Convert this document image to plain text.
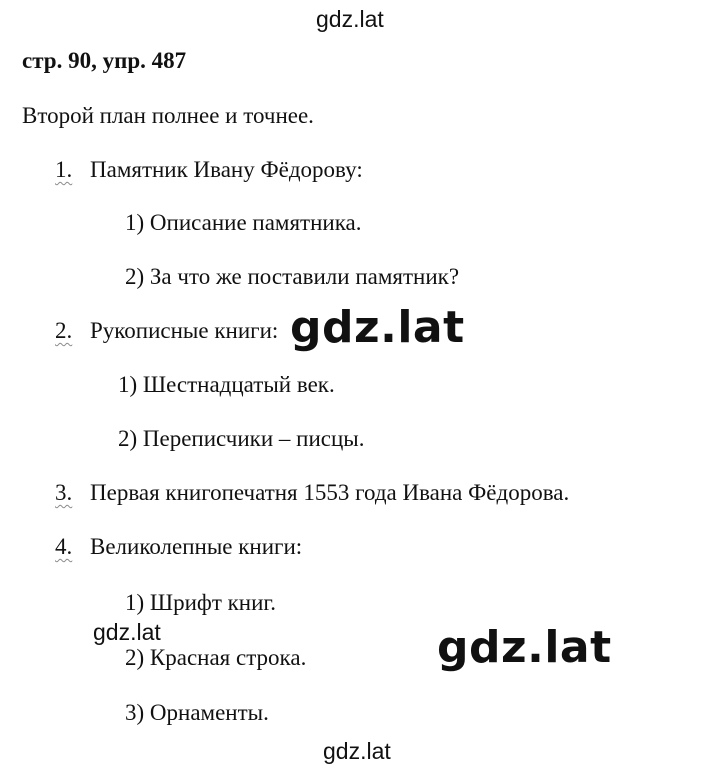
gdz.lat
стр. 90, упр. 487
Второй план полнее и точнее.
1. Памятник Ивану Фёдорову:
1) Описание памятника.
2) За что же поставили памятник?
2. Рукописные книги:
1) Шестнадцатый век.
2) Переписчики – писцы.
3. Первая книгопечатня 1553 года Ивана Фёдорова.
4. Великолепные книги:
1) Шрифт книг.
2) Красная строка.
3) Орнаменты.
gdz.lat
gdz.lat	gdz.lat
gdz.lat
